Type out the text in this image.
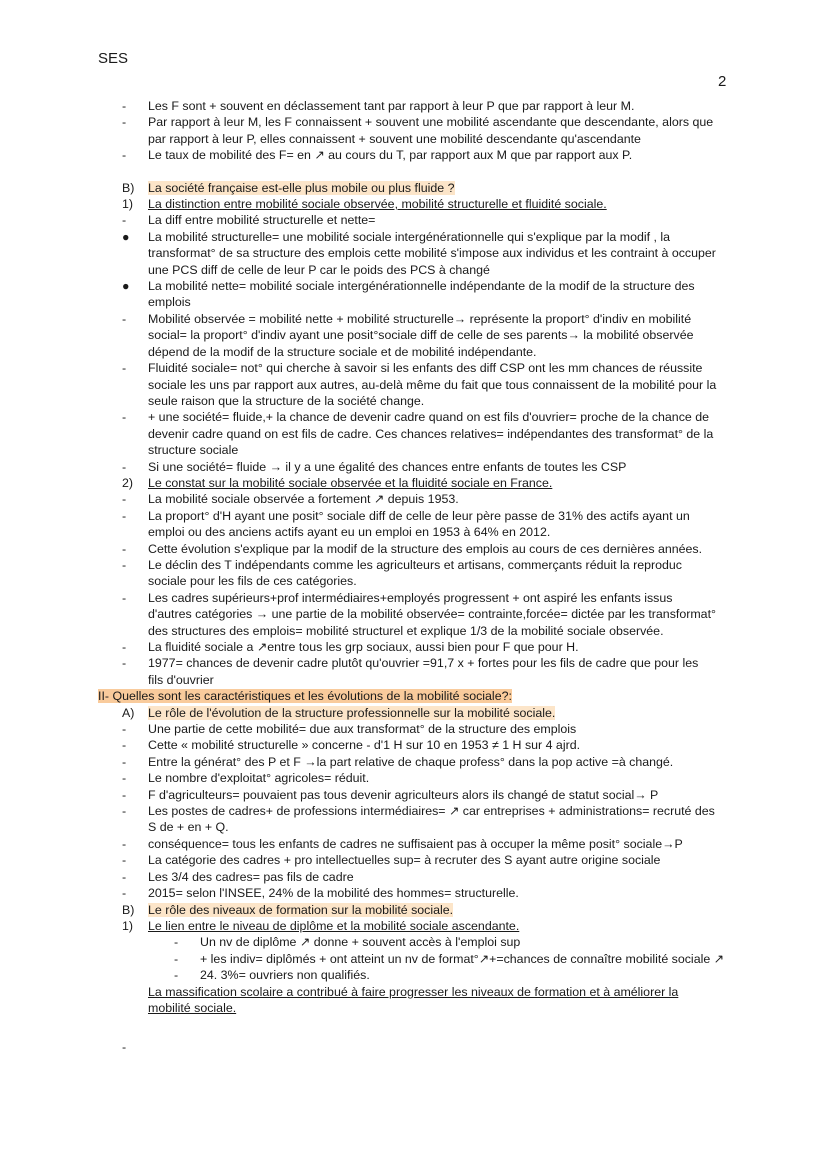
SES
2
-	Les F sont + souvent en déclassement tant par rapport à leur P que par rapport à leur M.
-	Par rapport à leur M, les F connaissent + souvent une mobilité ascendante que descendante, alors que
par rapport à leur P, elles connaissent + souvent une mobilité descendante qu'ascendante
-	Le taux de mobilité des F= en ↗ au cours du T, par rapport aux M que par rapport aux P.
B)	La société française est-elle plus mobile ou plus fluide ?
1)	La distinction entre mobilité sociale observée, mobilité structurelle et fluidité sociale.
-	La diff entre mobilité structurelle et nette=
●	La mobilité structurelle= une mobilité sociale intergénérationnelle qui s'explique par la modif , la
transformat° de sa structure des emplois cette mobilité s'impose aux individus et les contraint à occuper
une PCS diff de celle de leur P car le poids des PCS à changé
●	La mobilité nette= mobilité sociale intergénérationnelle indépendante de la modif de la structure des
emplois
-	Mobilité observée = mobilité nette + mobilité structurelle→ représente la proport° d'indiv en mobilité
social= la proport° d'indiv ayant une posit°sociale diff de celle de ses parents→ la mobilité observée
dépend de la modif de la structure sociale et de mobilité indépendante.
-	Fluidité sociale= not° qui cherche à savoir si les enfants des diff CSP ont les mm chances de réussite
sociale les uns par rapport aux autres, au-delà même du fait que tous connaissent de la mobilité pour la
seule raison que la structure de la société change.
-	+ une société= fluide,+ la chance de devenir cadre quand on est fils d'ouvrier= proche de la chance de
devenir cadre quand on est fils de cadre. Ces chances relatives= indépendantes des transformat° de la
structure sociale
-	Si une société= fluide → il y a une égalité des chances entre enfants de toutes les CSP
2)	Le constat sur la mobilité sociale observée et la fluidité sociale en France.
-	La mobilité sociale observée a fortement ↗ depuis 1953.
-	La proport° d'H ayant une posit° sociale diff de celle de leur père passe de 31% des actifs ayant un
emploi ou des anciens actifs ayant eu un emploi en 1953 à 64% en 2012.
-	Cette évolution s'explique par la modif de la structure des emplois au cours de ces dernières années.
-	Le déclin des T indépendants comme les agriculteurs et artisans, commerçants réduit la reproduc
sociale pour les fils de ces catégories.
-	Les cadres supérieurs+prof intermédiaires+employés progressent + ont aspiré les enfants issus
d'autres catégories → une partie de la mobilité observée= contrainte,forcée= dictée par les transformat°
des structures des emplois= mobilité structurel et explique 1/3 de la mobilité sociale observée.
-	La fluidité sociale a ↗entre tous les grp sociaux, aussi bien pour F que pour H.
-	1977= chances de devenir cadre plutôt qu'ouvrier =91,7 x + fortes pour les fils de cadre que pour les
fils d'ouvrier
II- Quelles sont les caractéristiques et les évolutions de la mobilité sociale?:
A)	Le rôle de l'évolution de la structure professionnelle sur la mobilité sociale.
-	Une partie de cette mobilité= due aux transformat° de la structure des emplois
-	Cette « mobilité structurelle » concerne - d'1 H sur 10 en 1953 ≠ 1 H sur 4 ajrd.
-	Entre la générat° des P et F →la part relative de chaque profess° dans la pop active =à changé.
-	Le nombre d'exploitat° agricoles= réduit.
-	F d'agriculteurs= pouvaient pas tous devenir agriculteurs alors ils changé de statut social→ P
-	Les postes de cadres+ de professions intermédiaires= ↗ car entreprises + administrations= recruté des
S de + en + Q.
-	conséquence= tous les enfants de cadres ne suffisaient pas à occuper la même posit° sociale→P
-	La catégorie des cadres + pro intellectuelles sup= à recruter des S ayant autre origine sociale
-	Les 3/4 des cadres= pas fils de cadre
-	2015= selon l'INSEE, 24% de la mobilité des hommes= structurelle.
B)	Le rôle des niveaux de formation sur la mobilité sociale.
1)	Le lien entre le niveau de diplôme et la mobilité sociale ascendante.
-	Un nv de diplôme ↗ donne + souvent accès à l'emploi sup
-	+ les indiv= diplômés + ont atteint un nv de format°↗+=chances de connaître mobilité sociale ↗
-	24. 3%= ouvriers non qualifiés.
La massification scolaire a contribué à faire progresser les niveaux de formation et à améliorer la
mobilité sociale.
-
